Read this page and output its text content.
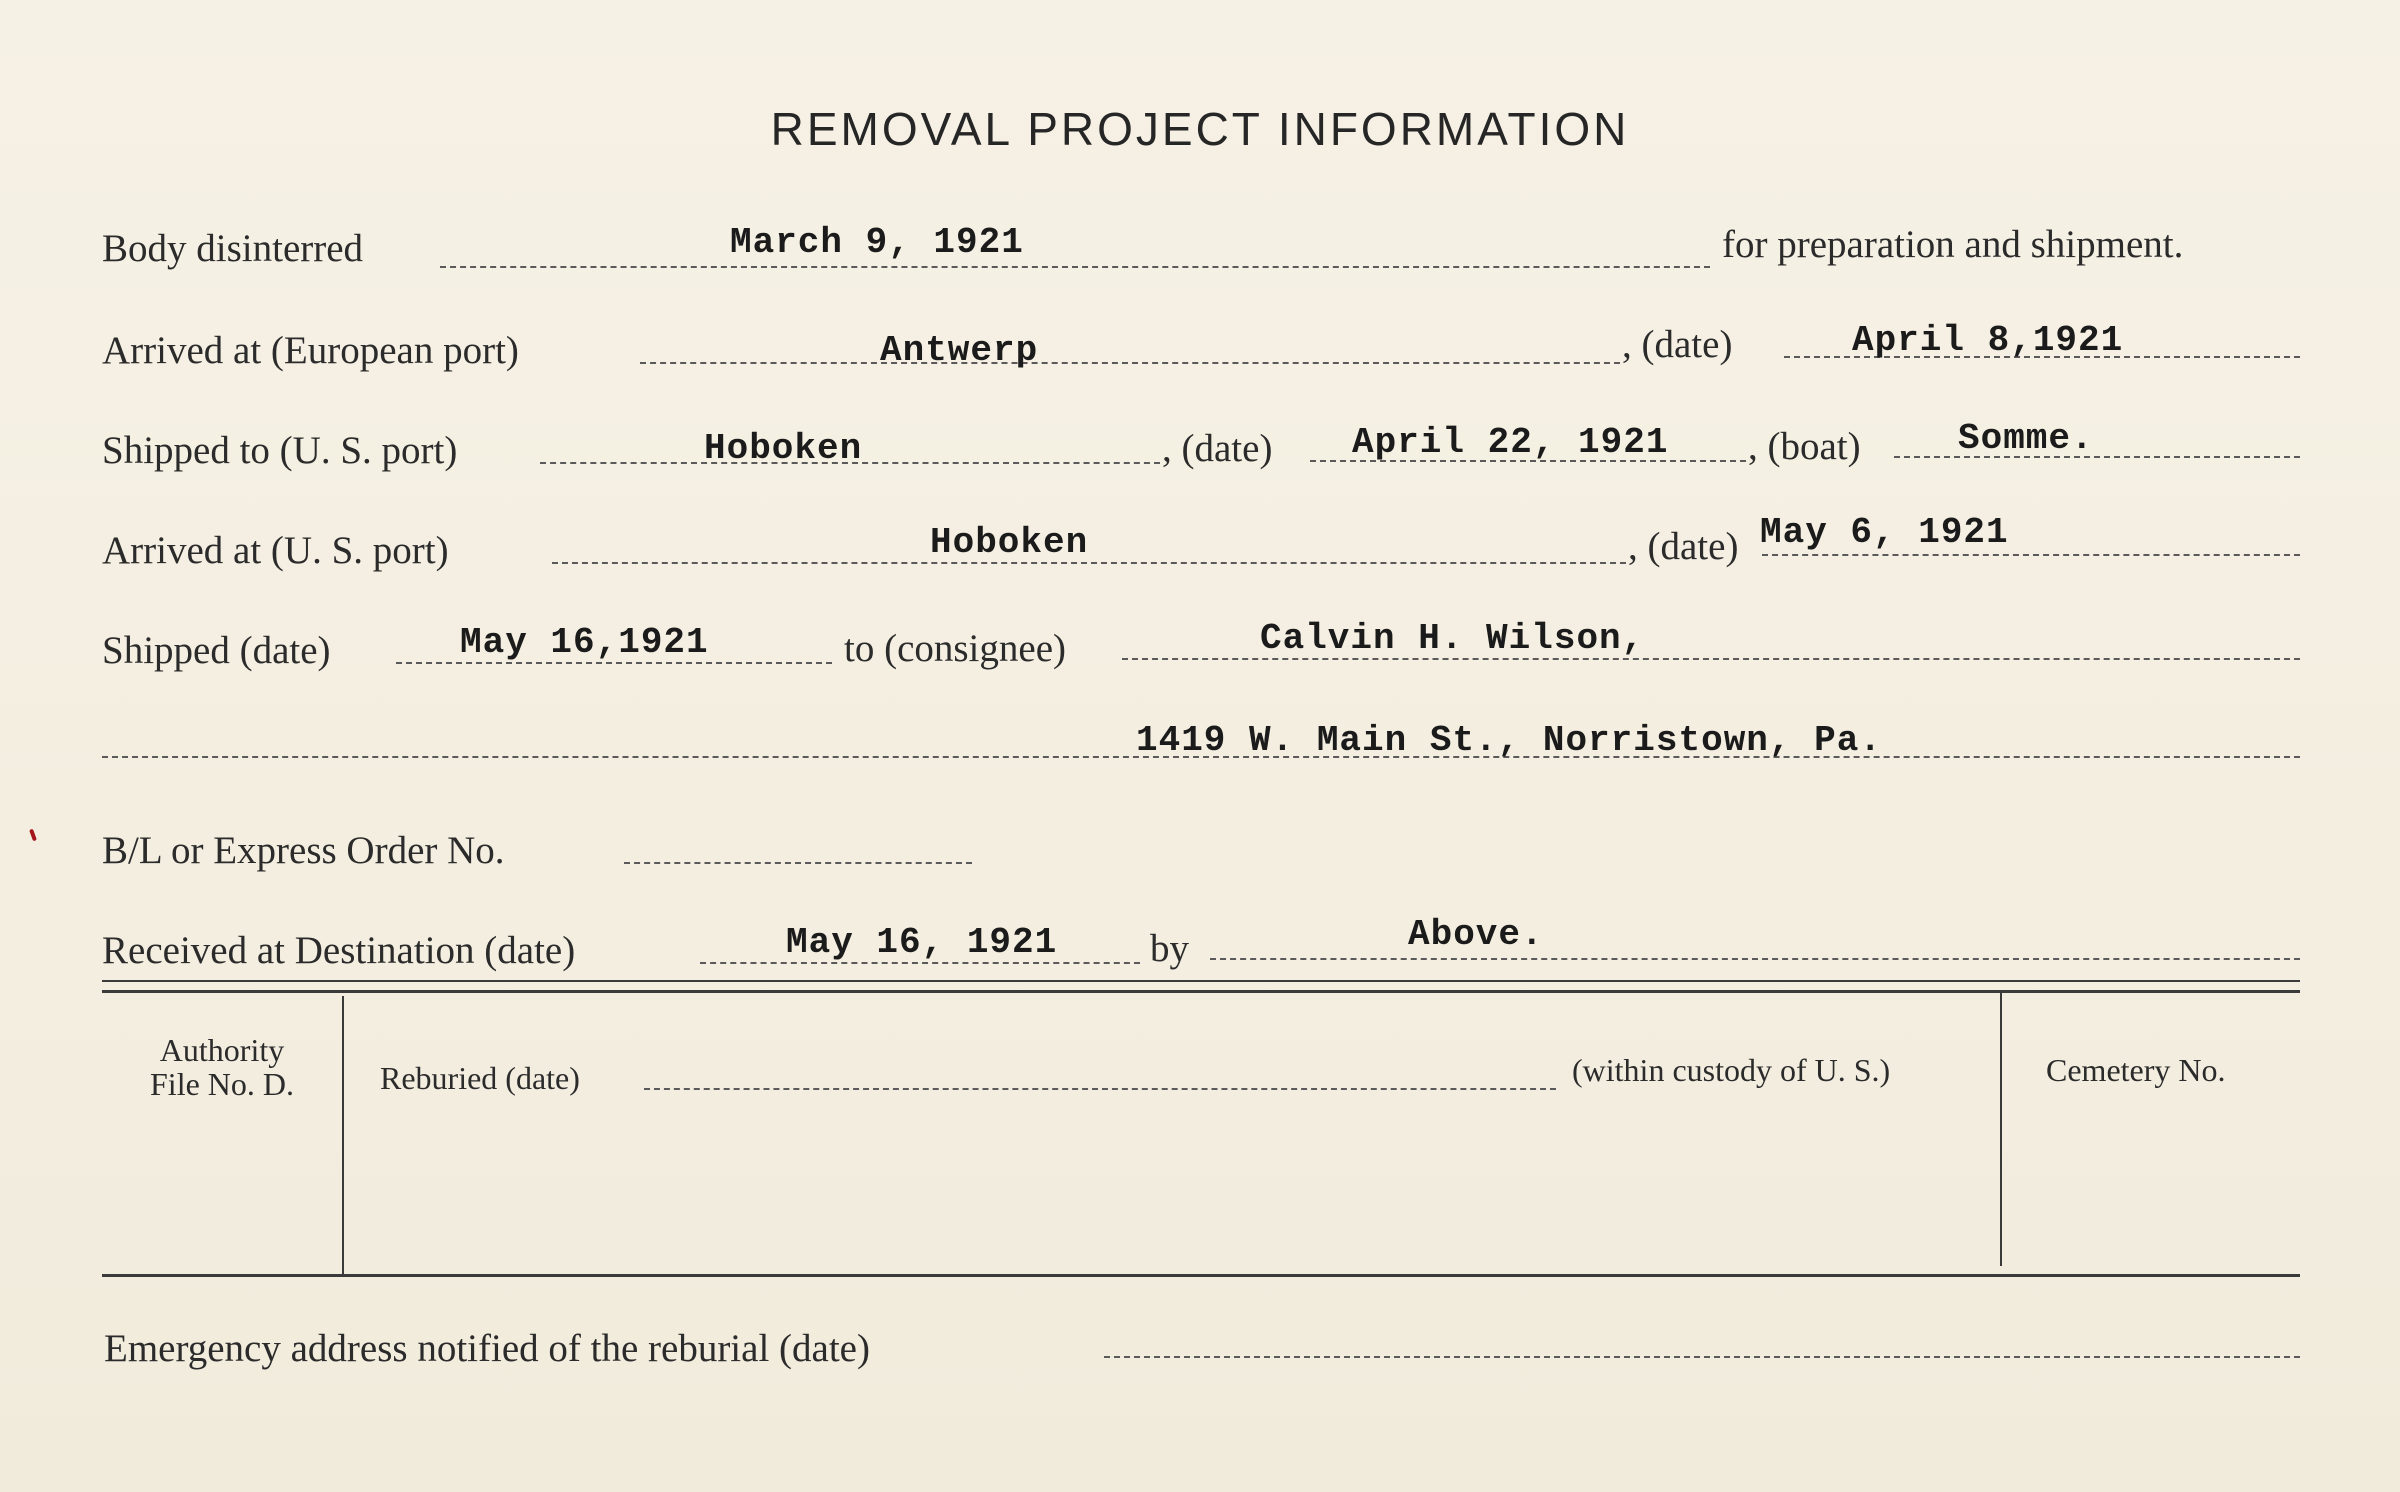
REMOVAL PROJECT INFORMATION
Body disinterred	March 9, 1921	for preparation and shipment.
Arrived at (European port)	Antwerp	, (date)	April 8,1921
Shipped to (U. S. port)	Hoboken	, (date) April 22, 1921 , (boat)	Somme.
Arrived at (U. S. port)	Hoboken	, (date) May 6, 1921
Shipped (date)	May 16,1921	to (consignee)	Calvin H. Wilson,
1419 W. Main St., Norristown, Pa.
B/L or Express Order No.
Received at Destination (date)	May 16, 1921 by	Above.
Authority
File No. D.	Reburied (date)	(within custody of U. S.)	Cemetery No.
Emergency address notified of the reburial (date)
